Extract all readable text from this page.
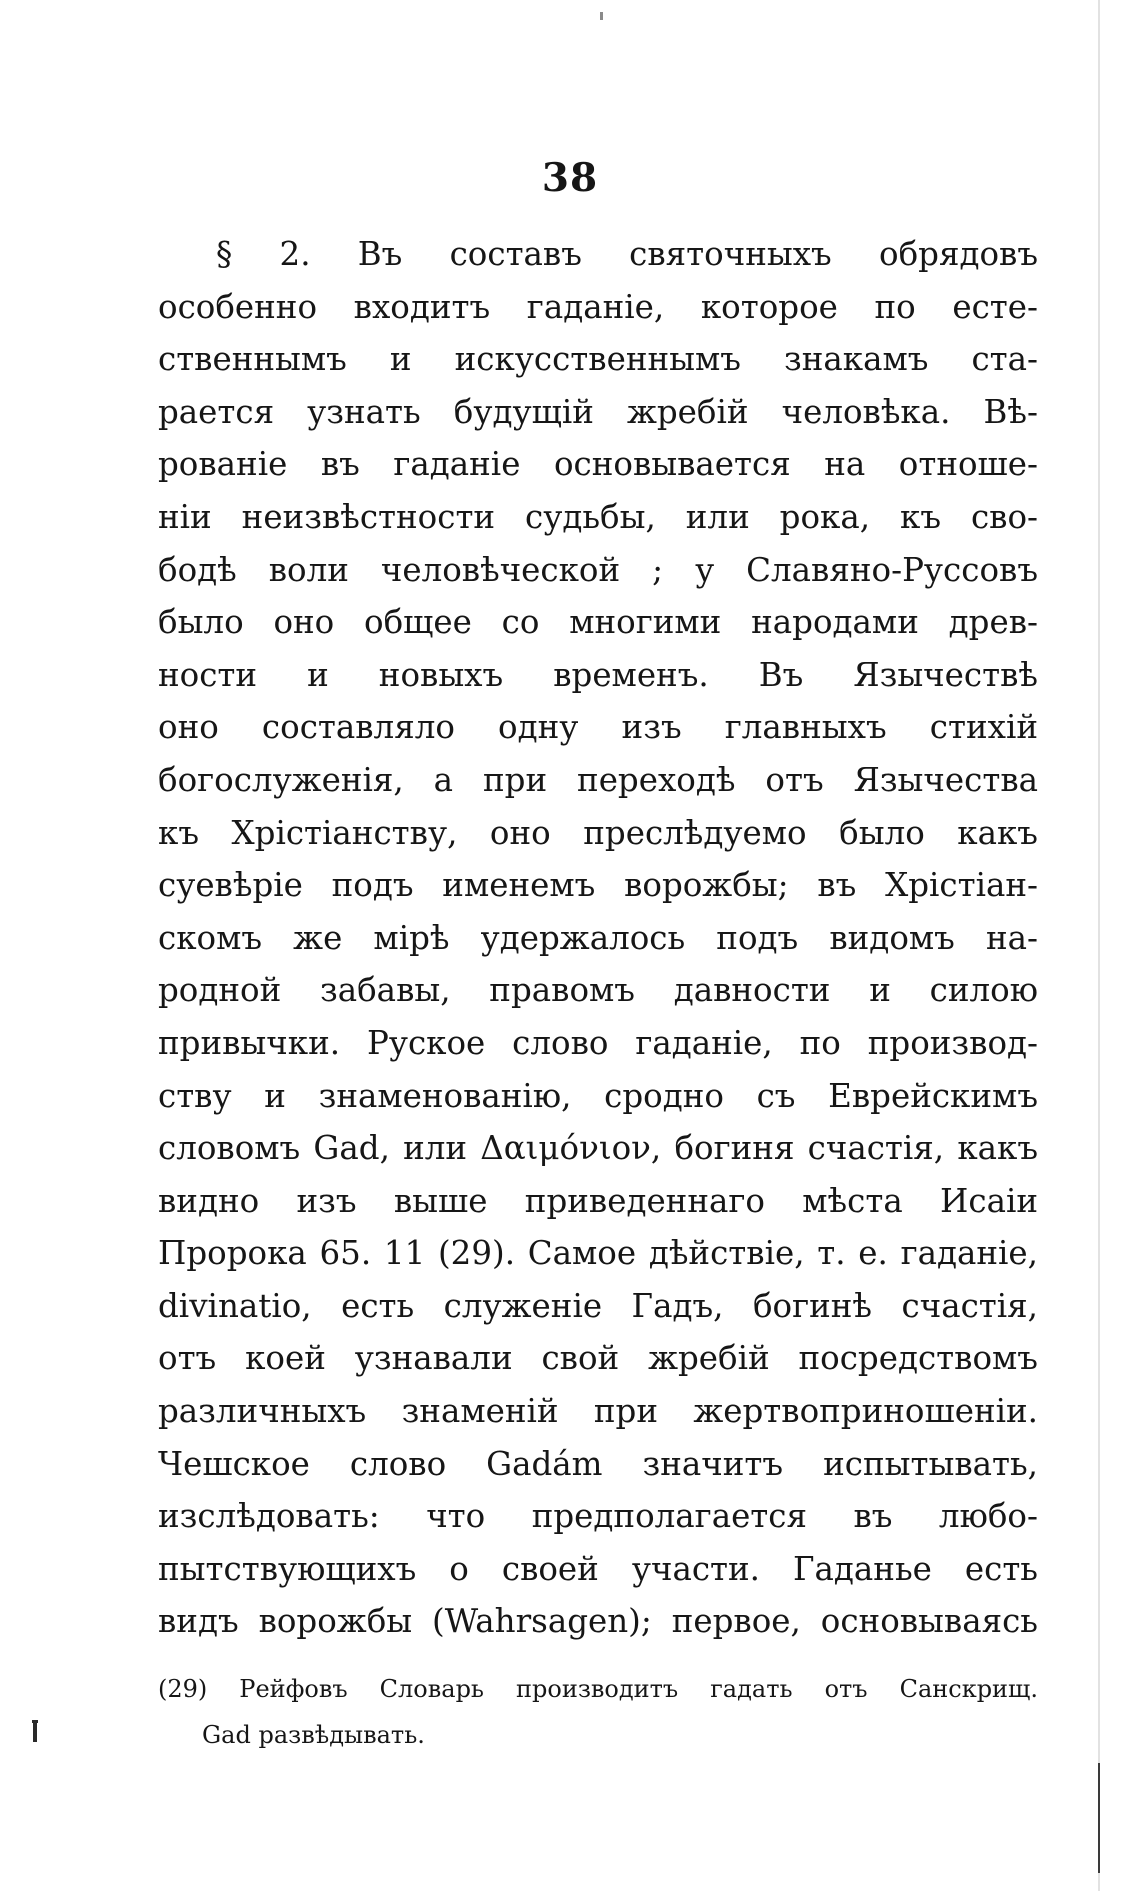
38
§ 2. Въ составъ святочныхъ обрядовъ
особенно входитъ гаданіе, которое по есте-
ственнымъ и искусственнымъ знакамъ ста-
раетcя узнать будущій жребій человѣка. Вѣ-
рованіе въ гаданіе основывается на отноше-
ніи неизвѣстности судьбы, или рока, къ сво-
бодѣ воли человѣческой ; у Славяно-Руссовъ
было оно общее со многими народами древ-
ности и новыхъ временъ. Въ Язычествѣ
оно составляло одну изъ главныхъ стихій
богослуженія, а при переходѣ отъ Язычества
къ Хрістіанству, оно преслѣдуемо было какъ
суевѣріе подъ именемъ ворожбы; въ Хрістіан-
скомъ же мірѣ удержалось подъ видомъ на-
родной забавы, правомъ давности и силою
привычки. Руское слово гаданіе, по производ-
ству и знаменованію, сродно съ Еврейскимъ
словомъ Gad, или Δαιμόνιον, богиня счастія, какъ
видно изъ выше приведеннаго мѣста Исаіи
Пророка 65. 11 (29). Самое дѣйствіе, т. е. гаданіе,
divinatio, есть служеніе Гадъ, богинѣ счастія,
отъ коей узнавали свой жребій посредствомъ
различныхъ знаменій при жертвоприношеніи.
Чешское слово Gadám значитъ испытывать,
изслѣдовать: что предполагается въ любо-
пытствующихъ о своей участи. Гаданье есть
видъ ворожбы (Wahrsagen); первое, основываясь
(29) Рейфовъ Словарь производитъ гадать отъ Санскрищ.
Gad развѣдывать.
